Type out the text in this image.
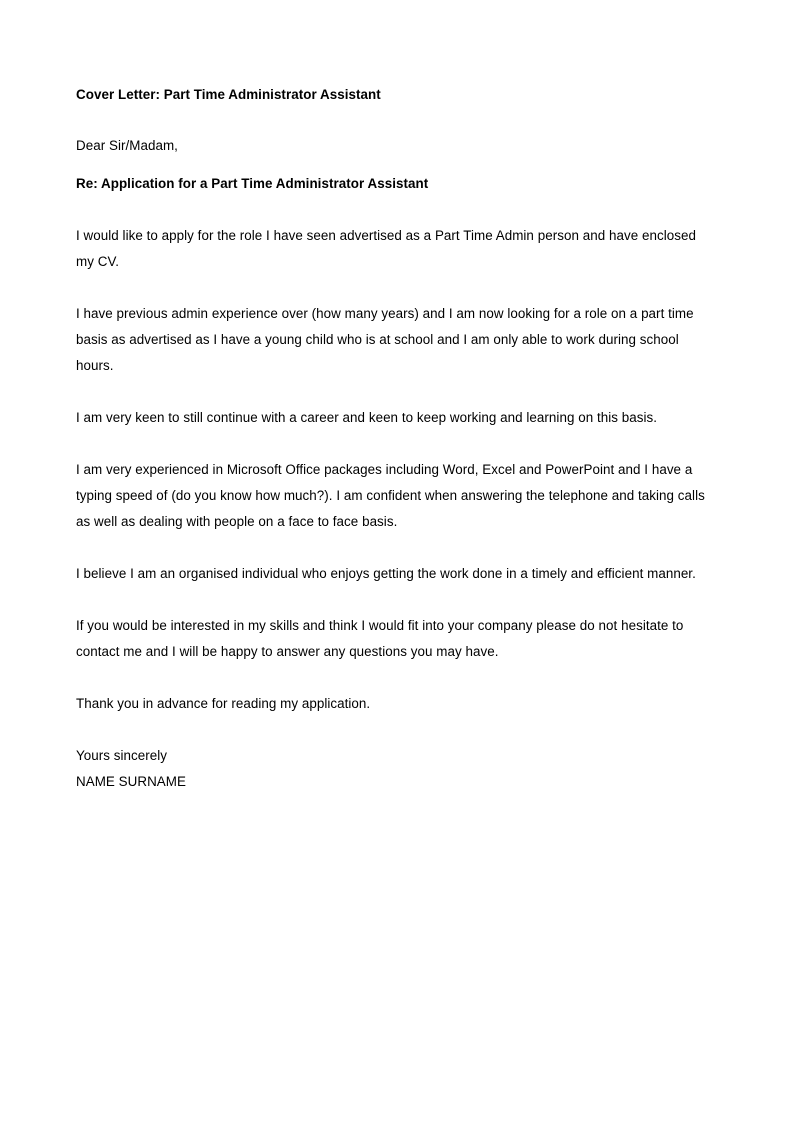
Cover Letter: Part Time Administrator Assistant
Dear Sir/Madam,
Re: Application for a Part Time Administrator Assistant
I would like to apply for the role I have seen advertised as a Part Time Admin person and have enclosed my CV.
I have previous admin experience over (how many years) and I am now looking for a role on a part time basis as advertised as I have a young child who is at school and I am only able to work during school hours.
I am very keen to still continue with a career and keen to keep working and learning on this basis.
I am very experienced in Microsoft Office packages including Word, Excel and PowerPoint and I have a typing speed of (do you know how much?). I am confident when answering the telephone and taking calls as well as dealing with people on a face to face basis.
I believe I am an organised individual who enjoys getting the work done in a timely and efficient manner.
If you would be interested in my skills and think I would fit into your company please do not hesitate to contact me and I will be happy to answer any questions you may have.
Thank you in advance for reading my application.
Yours sincerely
NAME SURNAME
